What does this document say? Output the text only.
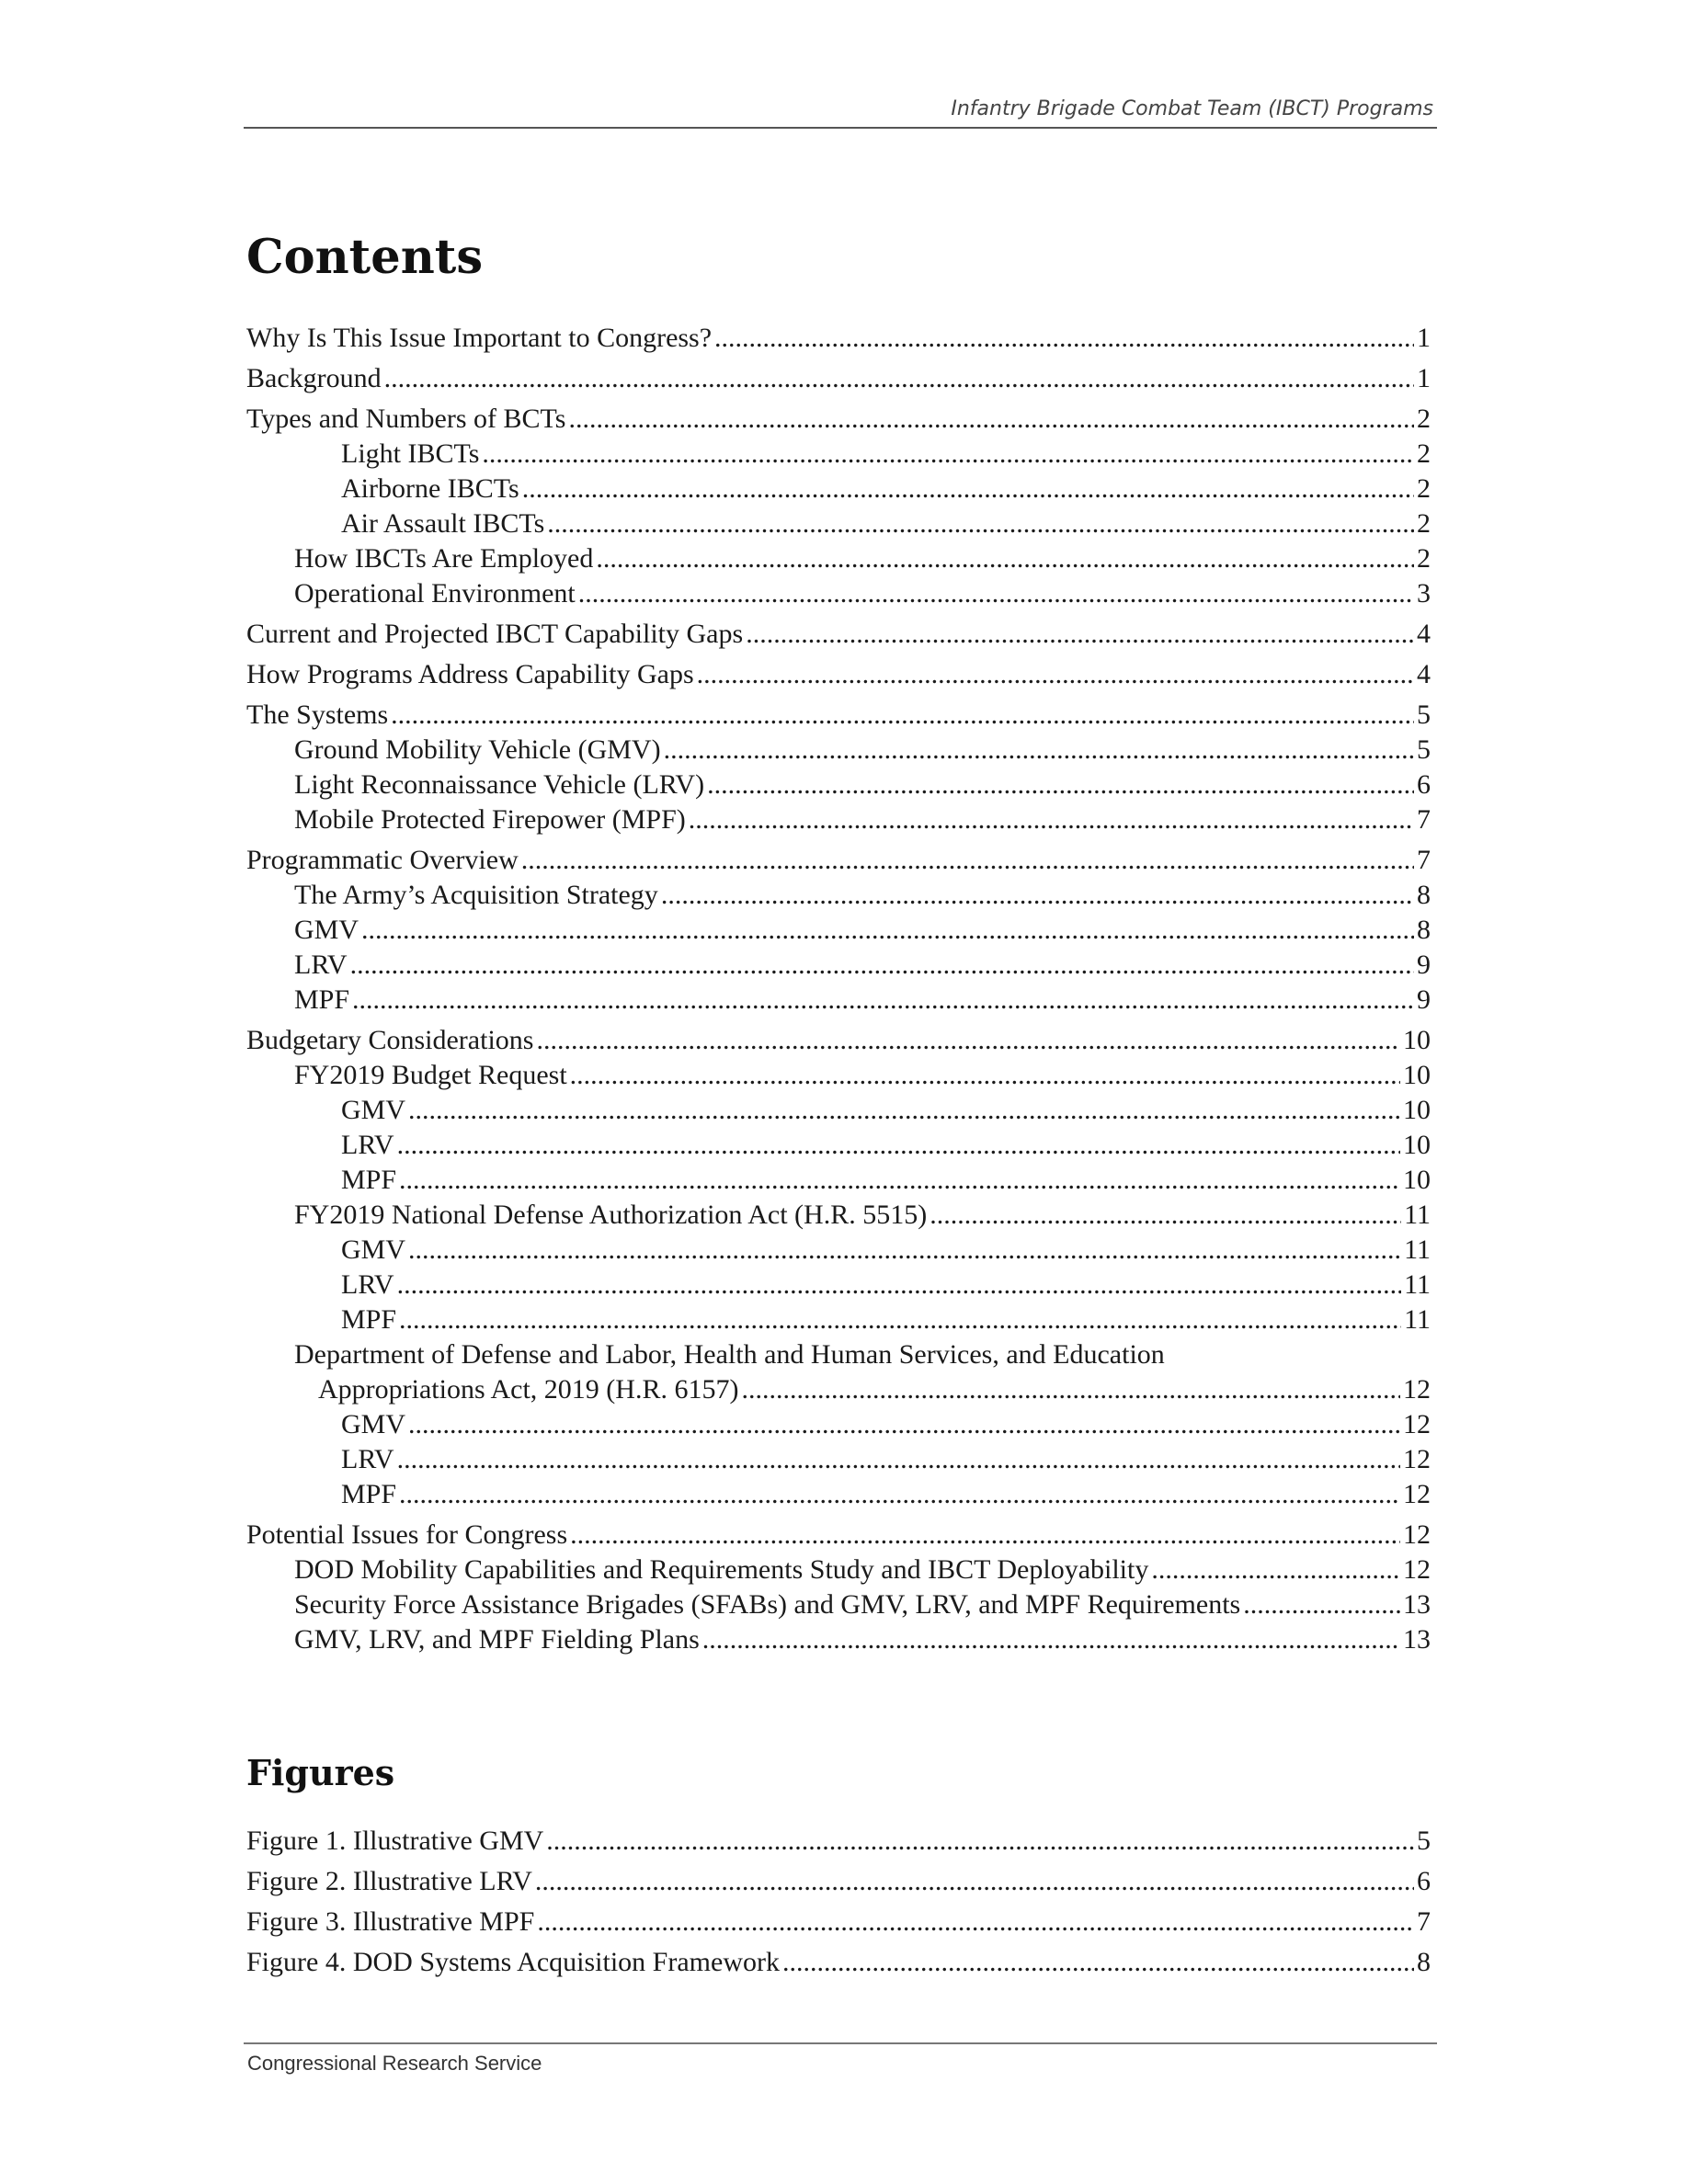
Infantry Brigade Combat Team (IBCT) Programs
Contents
Why Is This Issue Important to Congress? .....	1
Background .....	1
Types and Numbers of BCTs .....	2
Light IBCTs .....	2
Airborne IBCTs .....	2
Air Assault IBCTs .....	2
How IBCTs Are Employed .....	2
Operational Environment .....	3
Current and Projected IBCT Capability Gaps .....	4
How Programs Address Capability Gaps .....	4
The Systems .....	5
Ground Mobility Vehicle (GMV) .....	5
Light Reconnaissance Vehicle (LRV) .....	6
Mobile Protected Firepower (MPF) .....	7
Programmatic Overview .....	7
The Army’s Acquisition Strategy .....	8
GMV .....	8
LRV .....	9
MPF .....	9
Budgetary Considerations .....	10
FY2019 Budget Request .....	10
GMV .....	10
LRV .....	10
MPF .....	10
FY2019 National Defense Authorization Act (H.R. 5515) .....	11
GMV .....	11
LRV .....	11
MPF .....	11
Department of Defense and Labor, Health and Human Services, and Education
Appropriations Act, 2019 (H.R. 6157) .....	12
GMV .....	12
LRV .....	12
MPF .....	12
Potential Issues for Congress .....	12
DOD Mobility Capabilities and Requirements Study and IBCT Deployability .....	12
Security Force Assistance Brigades (SFABs) and GMV, LRV, and MPF Requirements .....	13
GMV, LRV, and MPF Fielding Plans .....	13
Figures
Figure 1. Illustrative GMV .....	5
Figure 2. Illustrative LRV .....	6
Figure 3. Illustrative MPF .....	7
Figure 4. DOD Systems Acquisition Framework .....	8
Congressional Research Service
